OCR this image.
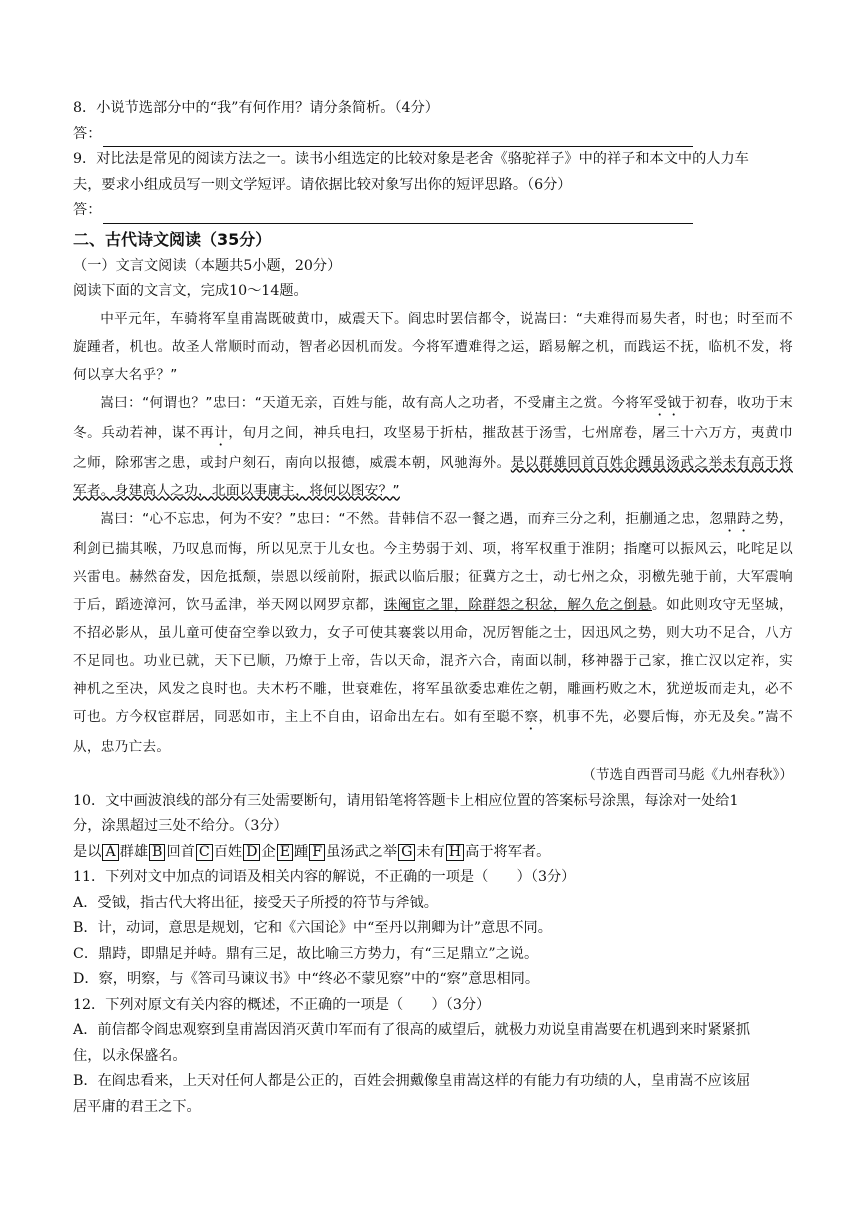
8．小说节选部分中的“我”有何作用？请分条简析。（4分）

答：

9．对比法是常见的阅读方法之一。读书小组选定的比较对象是老舍《骆驼祥子》中的祥子和本文中的人力车

夫，要求小组成员写一则文学短评。请依据比较对象写出你的短评思路。（6分）

答：

二、古代诗文阅读（35分）

（一）文言文阅读（本题共5小题，20分）

阅读下面的文言文，完成10～14题。

中平元年，车骑将军皇甫嵩既破黄巾，威震天下。阎忠时罢信都令，说嵩曰：“夫难得而易失者，时也；时至而不旋踵者，机也。故圣人常顺时而动，智者必因机而发。今将军遭难得之运，蹈易解之机，而践运不抚，临机不发，将何以享大名乎？”

嵩曰：“何谓也？”忠曰：“天道无亲，百姓与能，故有高人之功者，不受庸主之赏。今将军受钺于初春，收功于末冬。兵动若神，谋不再计，旬月之间，神兵电扫，攻坚易于折枯，摧敌甚于汤雪，七州席卷，屠三十六万方，夷黄巾之师，除邪害之患，或封户刻石，南向以报德，威震本朝，风驰海外。是以群雄回首百姓企踵虽汤武之举未有高于将军者。身建高人之功，北面以事庸主，将何以图安？”

嵩曰：“心不忘忠，何为不安？”忠曰：“不然。昔韩信不忍一餐之遇，而弃三分之利，拒蒯通之忠，忽鼎跱之势，利剑已揣其喉，乃叹息而悔，所以见烹于儿女也。今主势弱于刘、项，将军权重于淮阴；指麾可以振风云，叱咤足以兴雷电。赫然奋发，因危抵颓，崇恩以绥前附，振武以临后服；征冀方之士，动七州之众，羽檄先驰于前，大军震响于后，蹈迹漳河，饮马孟津，举天网以网罗京都，诛阉宦之罪，除群怨之积忿，解久危之倒悬。如此则攻守无坚城，不招必影从，虽儿童可使奋空拳以致力，女子可使其褰裳以用命，况厉智能之士，因迅风之势，则大功不足合，八方不足同也。功业已就，天下已顺，乃燎于上帝，告以天命，混齐六合，南面以制，移神器于己家，推亡汉以定祚，实神机之至决，风发之良时也。夫木朽不雕，世衰难佐，将军虽欲委忠难佐之朝，雕画朽败之木，犹逆坂而走丸，必不可也。方今权宦群居，同恶如市，主上不自由，诏命出左右。如有至聪不察，机事不先，必婴后悔，亦无及矣。”嵩不从，忠乃亡去。

（节选自西晋司马彪《九州春秋》）

10．文中画波浪线的部分有三处需要断句，请用铅笔将答题卡上相应位置的答案标号涂黑，每涂对一处给1

分，涂黑超过三处不给分。（3分）

是以 A 群雄 B 回首 C 百姓 D 企 E 踵 F 虽汤武之举 G 未有 H 高于将军者。

11．下列对文中加点的词语及相关内容的解说，不正确的一项是（　　）（3分）

A．受钺，指古代大将出征，接受天子所授的符节与斧钺。

B．计，动词，意思是规划，它和《六国论》中“至丹以荆卿为计”意思不同。

C．鼎跱，即鼎足并峙。鼎有三足，故比喻三方势力，有“三足鼎立”之说。

D．察，明察，与《答司马谏议书》中“终必不蒙见察”中的“察”意思相同。

12．下列对原文有关内容的概述，不正确的一项是（　　）（3分）

A．前信都令阎忠观察到皇甫嵩因消灭黄巾军而有了很高的威望后，就极力劝说皇甫嵩要在机遇到来时紧紧抓

住，以永保盛名。

B．在阎忠看来，上天对任何人都是公正的，百姓会拥戴像皇甫嵩这样的有能力有功绩的人，皇甫嵩不应该屈

居平庸的君王之下。
